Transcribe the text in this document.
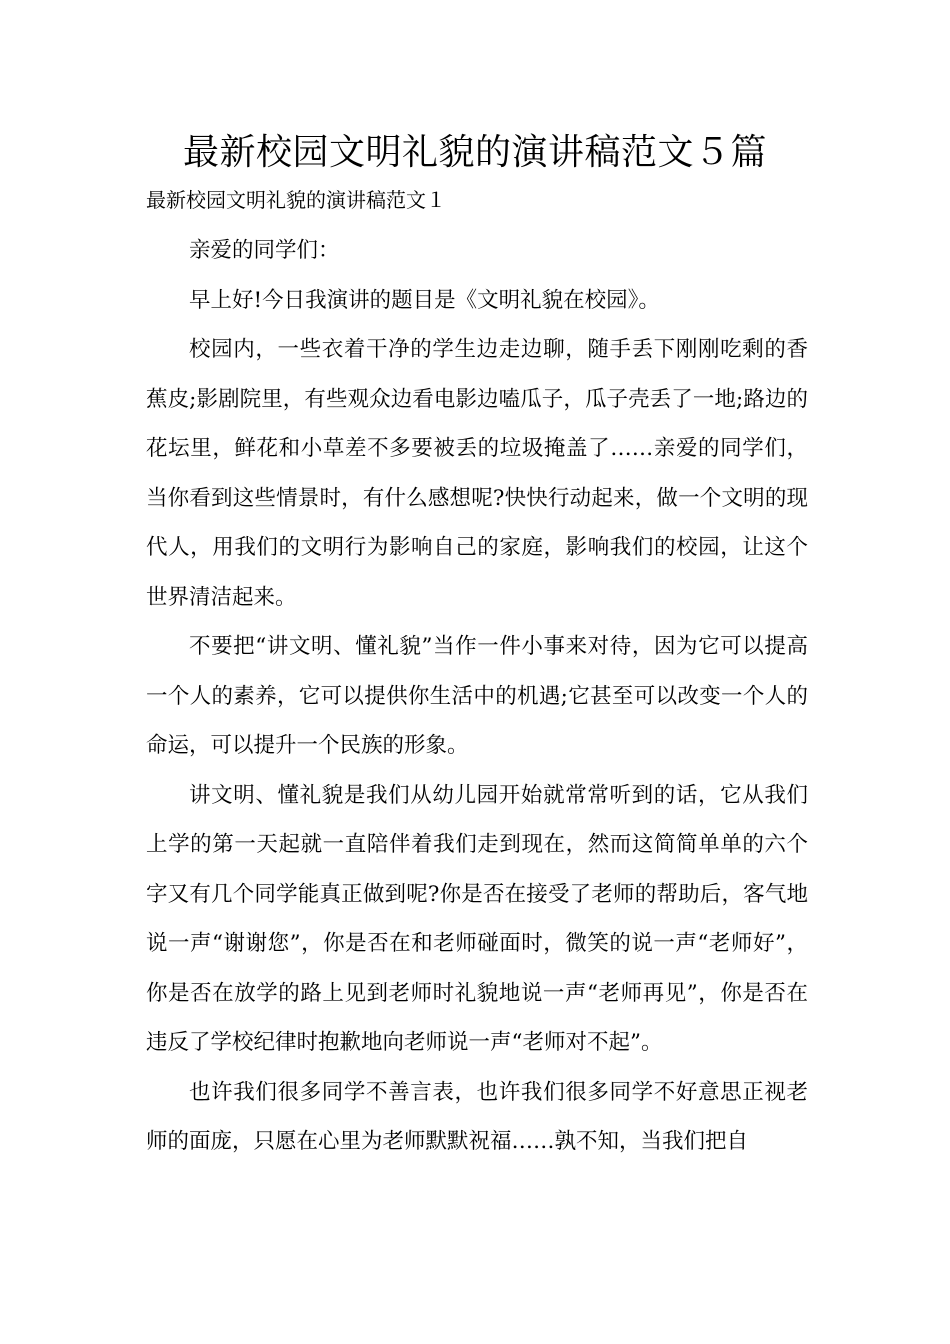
最新校园文明礼貌的演讲稿范文５篇
最新校园文明礼貌的演讲稿范文１

亲爱的同学们：

早上好!今日我演讲的题目是《文明礼貌在校园》。

校园内，一些衣着干净的学生边走边聊，随手丢下刚刚吃剩的香蕉皮;影剧院里，有些观众边看电影边嗑瓜子，瓜子壳丢了一地;路边的花坛里，鲜花和小草差不多要被丢的垃圾掩盖了……亲爱的同学们，当你看到这些情景时，有什么感想呢?快快行动起来，做一个文明的现代人，用我们的文明行为影响自己的家庭，影响我们的校园，让这个世界清洁起来。

不要把“讲文明、懂礼貌”当作一件小事来对待，因为它可以提高一个人的素养，它可以提供你生活中的机遇;它甚至可以改变一个人的命运，可以提升一个民族的形象。

讲文明、懂礼貌是我们从幼儿园开始就常常听到的话，它从我们上学的第一天起就一直陪伴着我们走到现在，然而这简简单单的六个字又有几个同学能真正做到呢?你是否在接受了老师的帮助后，客气地说一声“谢谢您”，你是否在和老师碰面时，微笑的说一声“老师好”，你是否在放学的路上见到老师时礼貌地说一声“老师再见”，你是否在违反了学校纪律时抱歉地向老师说一声“老师对不起”。

也许我们很多同学不善言表，也许我们很多同学不好意思正视老师的面庞，只愿在心里为老师默默祝福……孰不知，当我们把自
